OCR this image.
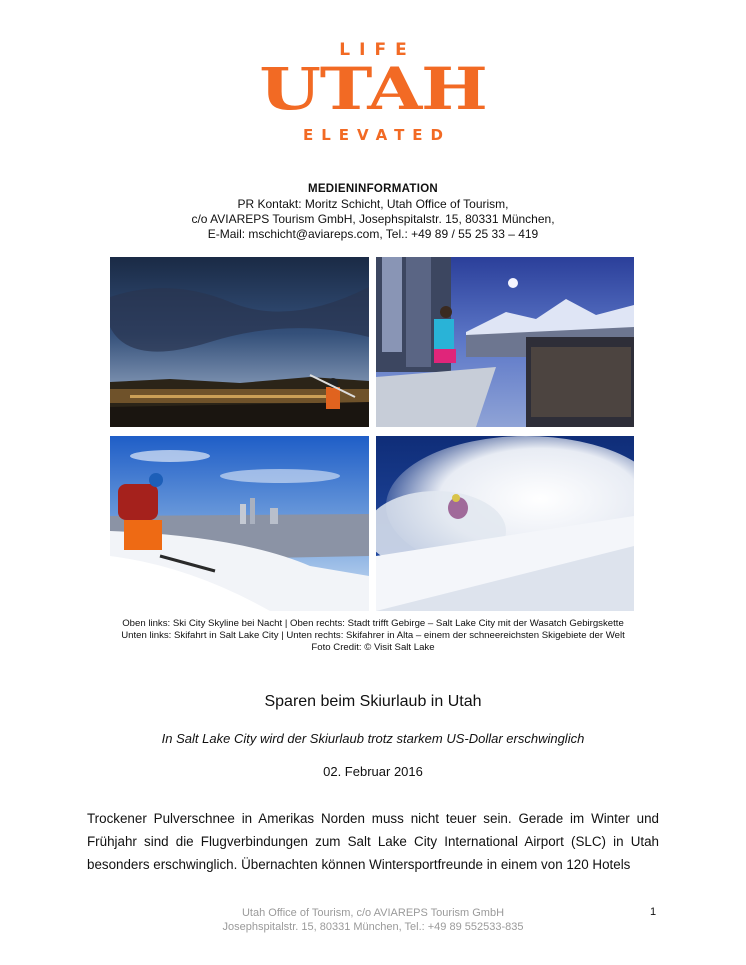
LIFE
UTAH
ELEVATED
MEDIENINFORMATION
PR Kontakt: Moritz Schicht, Utah Office of Tourism,
c/o AVIAREPS Tourism GmbH, Josephspitalstr. 15, 80331 München,
E-Mail: mschicht@aviareps.com, Tel.: +49 89 / 55 25 33 – 419
Oben links: Ski City Skyline bei Nacht | Oben rechts: Stadt trifft Gebirge – Salt Lake City mit der Wasatch Gebirgskette
Unten links: Skifahrt in Salt Lake City | Unten rechts: Skifahrer in Alta – einem der schneereichsten Skigebiete der Welt
Foto Credit: © Visit Salt Lake
Sparen beim Skiurlaub in Utah
In Salt Lake City wird der Skiurlaub trotz starkem US-Dollar erschwinglich
02. Februar 2016
Trockener Pulverschnee in Amerikas Norden muss nicht teuer sein. Gerade im Winter und Frühjahr sind die Flugverbindungen zum Salt Lake City International Airport (SLC) in Utah besonders erschwinglich. Übernachten können Wintersportfreunde in einem von 120 Hotels
Utah Office of Tourism, c/o AVIAREPS Tourism GmbH
Josephspitalstr. 15, 80331 München, Tel.: +49 89 552533-835
1
